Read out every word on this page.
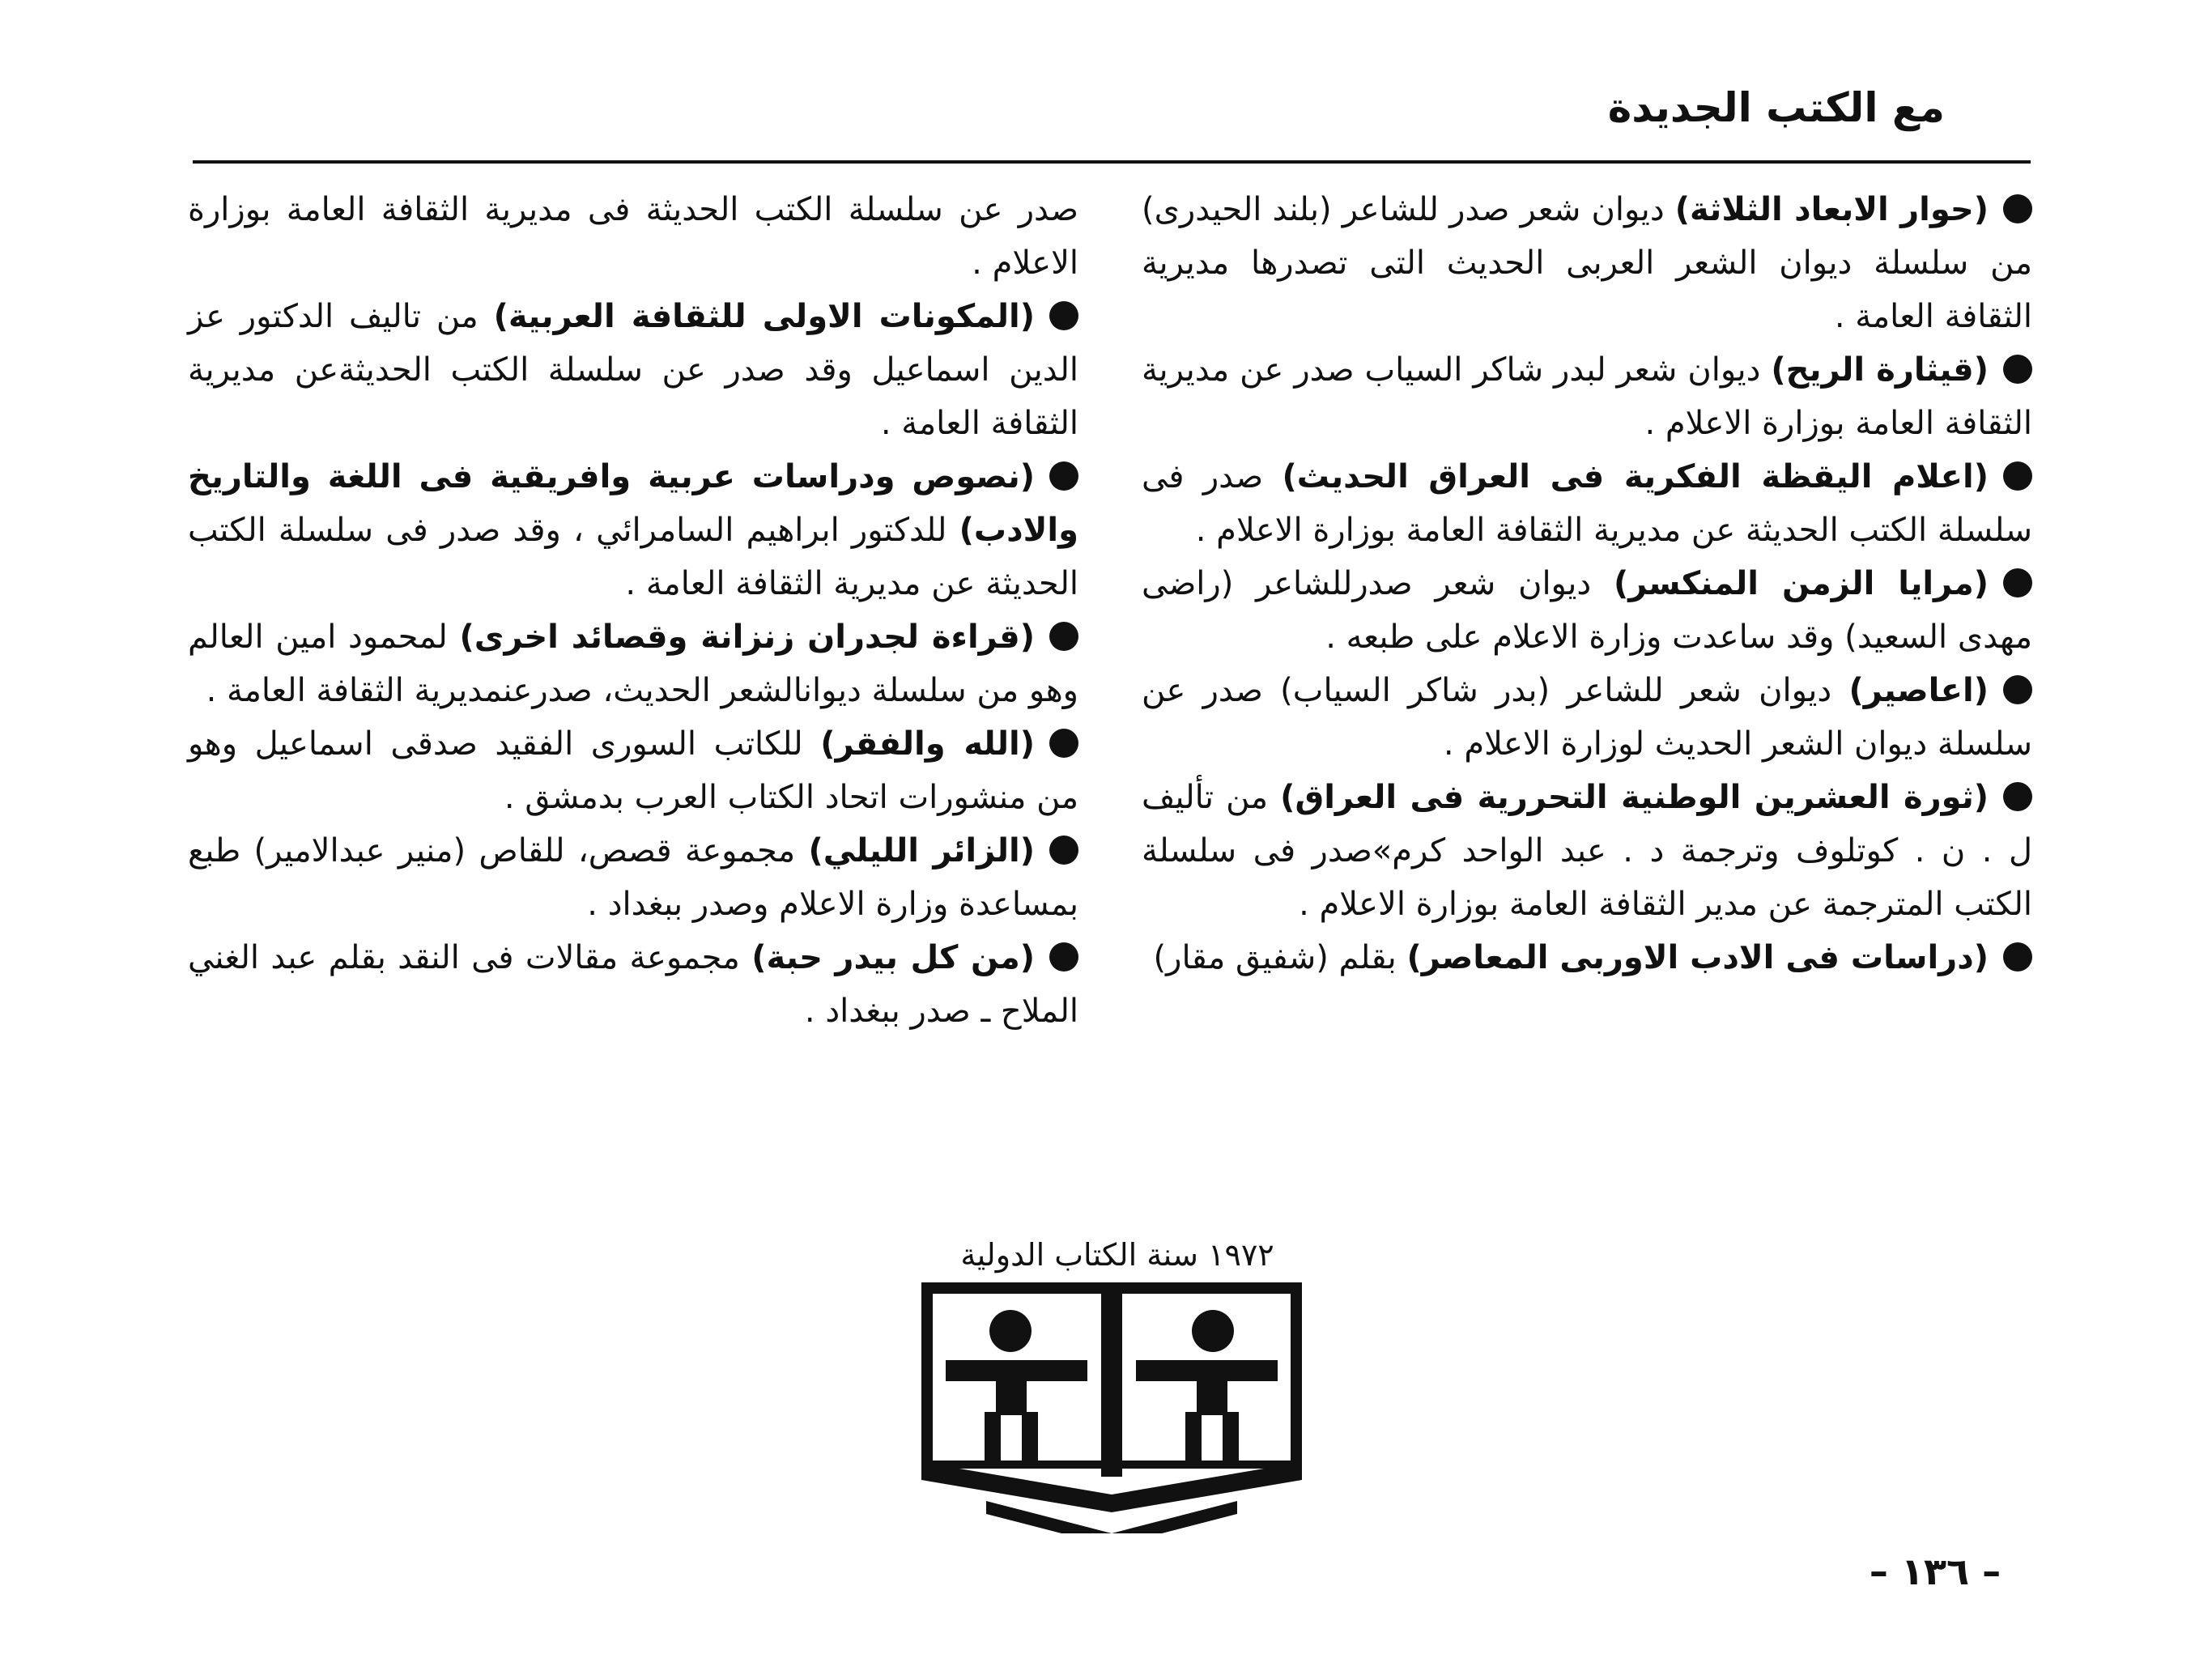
مع الكتب الجديدة

(حوار الابعاد الثلاثة) ديوان شعر صدر للشاعر (بلند الحيدرى) من سلسلة ديوان الشعر العربى الحديث التى تصدرها مديرية الثقافة العامة .

(قيثارة الريح) ديوان شعر لبدر شاكر السياب صدر عن مديرية الثقافة العامة بوزارة الاعلام .

(اعلام اليقظة الفكرية فى العراق الحديث) صدر فى سلسلة الكتب الحديثة عن مديرية الثقافة العامة بوزارة الاعلام .

(مرايا الزمن المنكسر) ديوان شعر صدرللشاعر (راضى مهدى السعيد) وقد ساعدت وزارة الاعلام على طبعه .

(اعاصير) ديوان شعر للشاعر (بدر شاكر السياب) صدر عن سلسلة ديوان الشعر الحديث لوزارة الاعلام .

(ثورة العشرين الوطنية التحررية فى العراق) من تأليف ل . ن . كوتلوف وترجمة د . عبد الواحد كرم»صدر فى سلسلة الكتب المترجمة عن مدير الثقافة العامة بوزارة الاعلام .

(دراسات فى الادب الاوربى المعاصر) بقلم (شفيق مقار)

صدر عن سلسلة الكتب الحديثة فى مديرية الثقافة العامة بوزارة الاعلام .

(المكونات الاولى للثقافة العربية) من تاليف الدكتور عز الدين اسماعيل وقد صدر عن سلسلة الكتب الحديثةعن مديرية الثقافة العامة .

(نصوص ودراسات عربية وافريقية فى اللغة والتاريخ والادب) للدكتور ابراهيم السامرائي ، وقد صدر فى سلسلة الكتب الحديثة عن مديرية الثقافة العامة .

(قراءة لجدران زنزانة وقصائد اخرى) لمحمود امين العالم وهو من سلسلة ديوانالشعر الحديث، صدرعنمديرية الثقافة العامة .

(الله والفقر) للكاتب السورى الفقيد صدقى اسماعيل وهو من منشورات اتحاد الكتاب العرب بدمشق .

(الزائر الليلي) مجموعة قصص، للقاص (منير عبدالامير) طبع بمساعدة وزارة الاعلام وصدر ببغداد .

(من كل بيدر حبة) مجموعة مقالات فى النقد بقلم عبد الغني الملاح ـ صدر ببغداد .

١٩٧٢ سنة الكتاب الدولية
– ١٣٦ –
